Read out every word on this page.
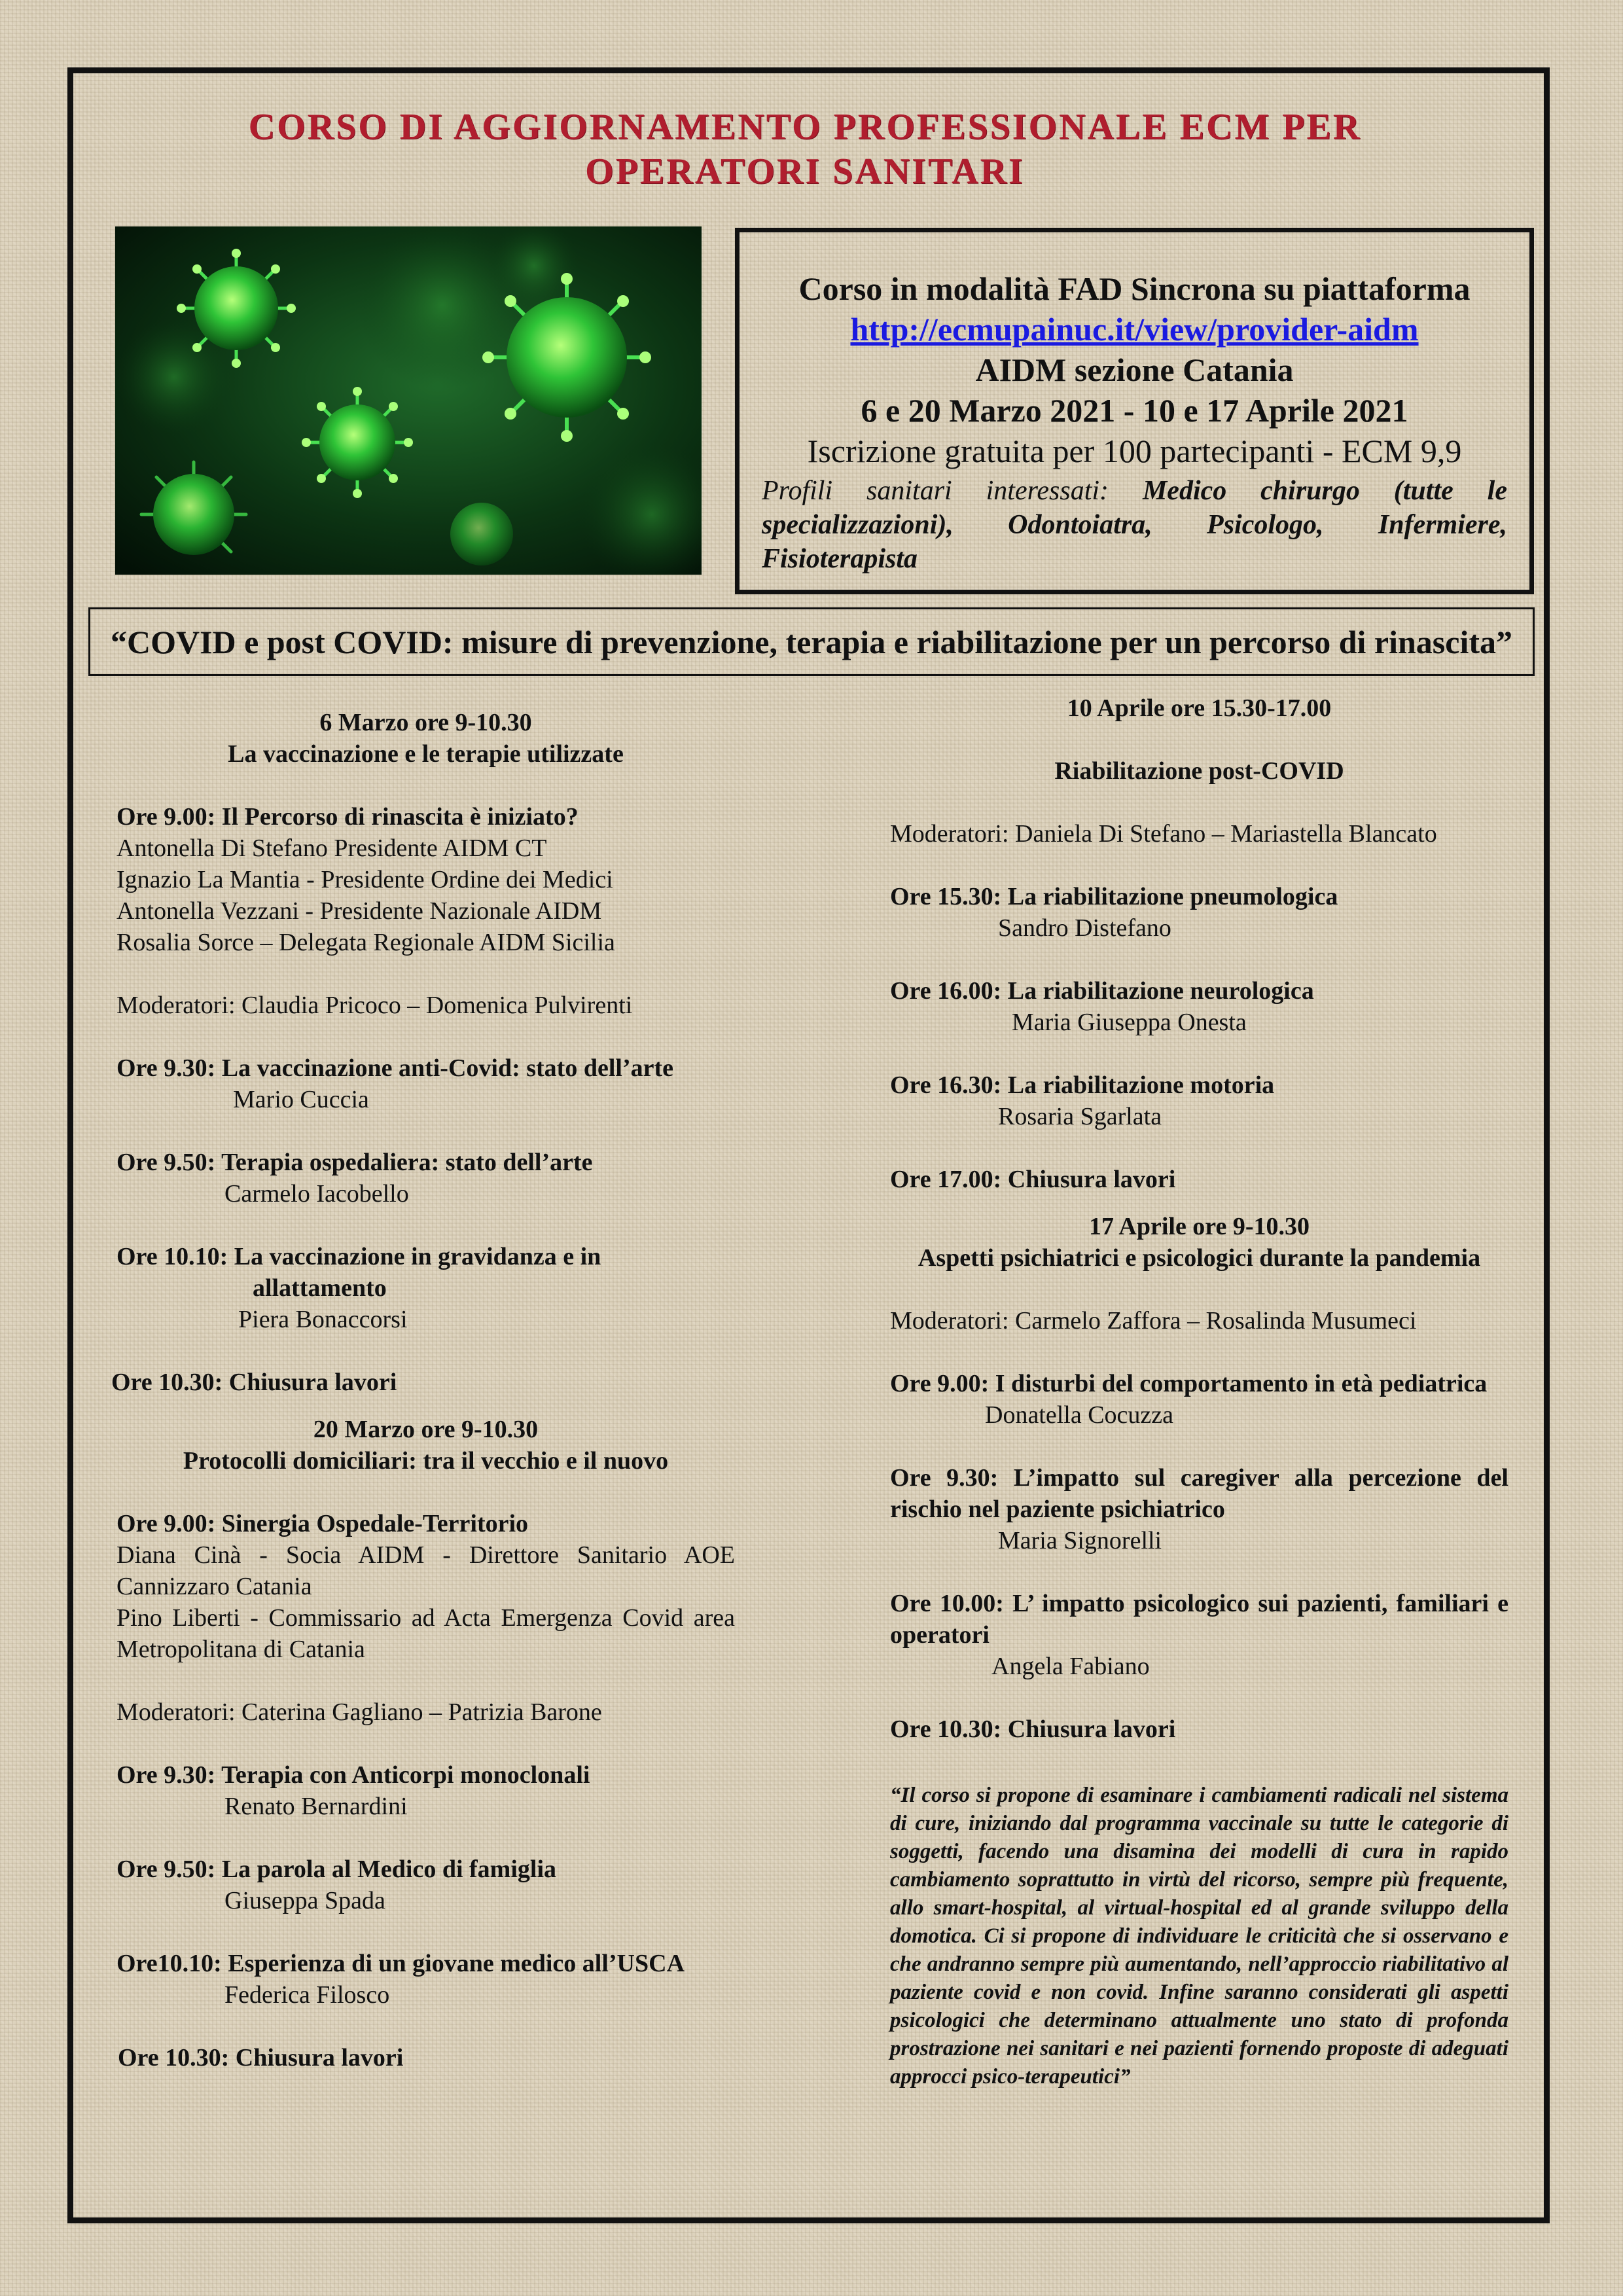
CORSO DI AGGIORNAMENTO PROFESSIONALE ECM PER
OPERATORI SANITARI
Corso in modalità FAD Sincrona su piattaforma
http://ecmupainuc.it/view/provider-aidm
AIDM sezione Catania
6 e 20 Marzo 2021 - 10 e 17 Aprile 2021
Iscrizione gratuita per 100 partecipanti - ECM 9,9
Profili sanitari interessati: Medico chirurgo (tutte le specializzazioni), Odontoiatra, Psicologo, Infermiere, Fisioterapista
“COVID e post COVID: misure di prevenzione, terapia e riabilitazione per un percorso di rinascita”
6 Marzo ore 9-10.30
La vaccinazione e le terapie utilizzate
Ore 9.00: Il Percorso di rinascita è iniziato?
Antonella Di Stefano Presidente AIDM CT
Ignazio La Mantia - Presidente Ordine dei Medici
Antonella Vezzani - Presidente Nazionale AIDM
Rosalia Sorce – Delegata Regionale AIDM Sicilia
Moderatori: Claudia Pricoco – Domenica Pulvirenti
Ore 9.30: La vaccinazione anti-Covid: stato dell’arte
Mario Cuccia
Ore 9.50: Terapia ospedaliera: stato dell’arte
Carmelo Iacobello
Ore 10.10: La vaccinazione in gravidanza e in
allattamento
Piera Bonaccorsi
Ore 10.30: Chiusura lavori
20 Marzo ore 9-10.30
Protocolli domiciliari: tra il vecchio e il nuovo
Ore 9.00: Sinergia Ospedale-Territorio
Diana Cinà - Socia AIDM - Direttore Sanitario AOE Cannizzaro Catania
Pino Liberti - Commissario ad Acta Emergenza Covid area Metropolitana di Catania
Moderatori: Caterina Gagliano – Patrizia Barone
Ore 9.30: Terapia con Anticorpi monoclonali
Renato Bernardini
Ore 9.50: La parola al Medico di famiglia
Giuseppa Spada
Ore10.10: Esperienza di un giovane medico all’USCA
Federica Filosco
Ore 10.30: Chiusura lavori
10 Aprile ore 15.30-17.00
Riabilitazione post-COVID
Moderatori: Daniela Di Stefano – Mariastella Blancato
Ore 15.30: La riabilitazione pneumologica
Sandro Distefano
Ore 16.00: La riabilitazione neurologica
Maria Giuseppa Onesta
Ore 16.30: La riabilitazione motoria
Rosaria Sgarlata
Ore 17.00: Chiusura lavori
17 Aprile ore 9-10.30
Aspetti psichiatrici e psicologici durante la pandemia
Moderatori: Carmelo Zaffora – Rosalinda Musumeci
Ore 9.00: I disturbi del comportamento in età pediatrica
Donatella Cocuzza
Ore 9.30: L’impatto sul caregiver alla percezione del rischio nel paziente psichiatrico
Maria Signorelli
Ore 10.00: L’ impatto psicologico sui pazienti, familiari e operatori
Angela Fabiano
Ore 10.30: Chiusura lavori
“Il corso si propone di esaminare i cambiamenti radicali nel sistema di cure, iniziando dal programma vaccinale su tutte le categorie di soggetti, facendo una disamina dei modelli di cura in rapido cambiamento soprattutto in virtù del ricorso, sempre più frequente, allo smart-hospital, al virtual-hospital ed al grande sviluppo della domotica. Ci si propone di individuare le criticità che si osservano e che andranno sempre più aumentando, nell’approccio riabilitativo al paziente covid e non covid. Infine saranno considerati gli aspetti psicologici che determinano attualmente uno stato di profonda prostrazione nei sanitari e nei pazienti fornendo proposte di adeguati approcci psico-terapeutici”
